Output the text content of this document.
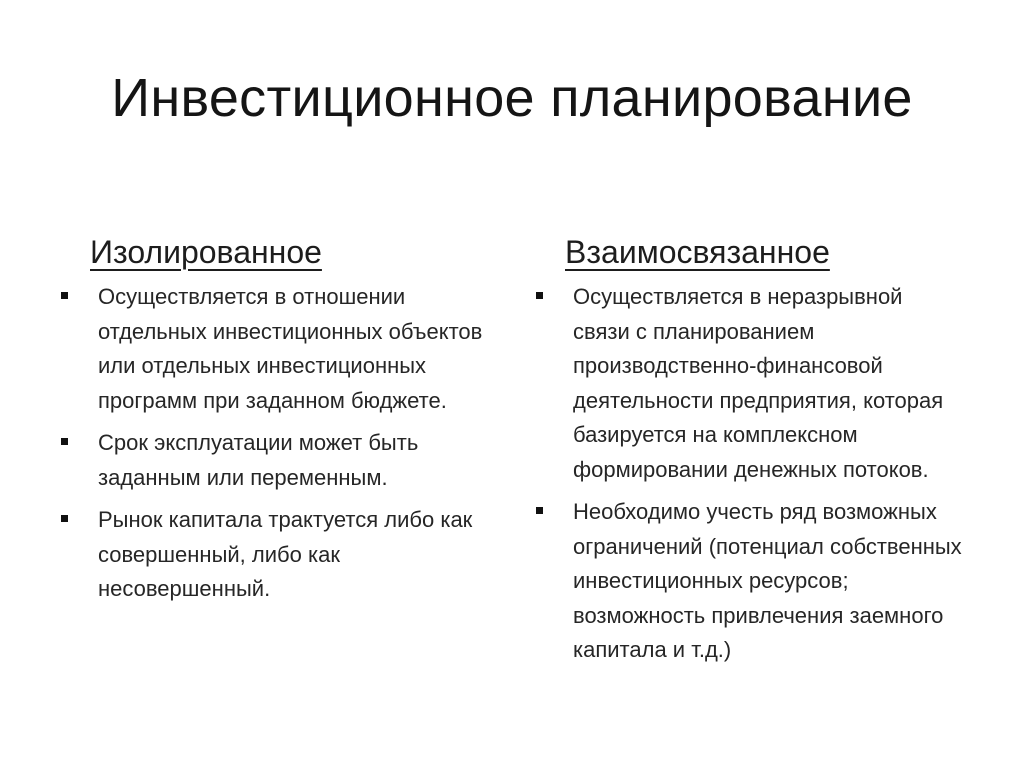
Инвестиционное планирование
Изолированное
Осуществляется в отношении отдельных инвестиционных объектов или отдельных инвестиционных программ при заданном бюджете.
Срок эксплуатации может быть заданным или переменным.
Рынок капитала трактуется либо как совершенный, либо как несовершенный.
Взаимосвязанное
Осуществляется в неразрывной связи с планированием производственно-финансовой деятельности предприятия, которая базируется на комплексном формировании денежных потоков.
Необходимо учесть ряд возможных ограничений (потенциал собственных инвестиционных ресурсов; возможность привлечения заемного капитала и т.д.)
